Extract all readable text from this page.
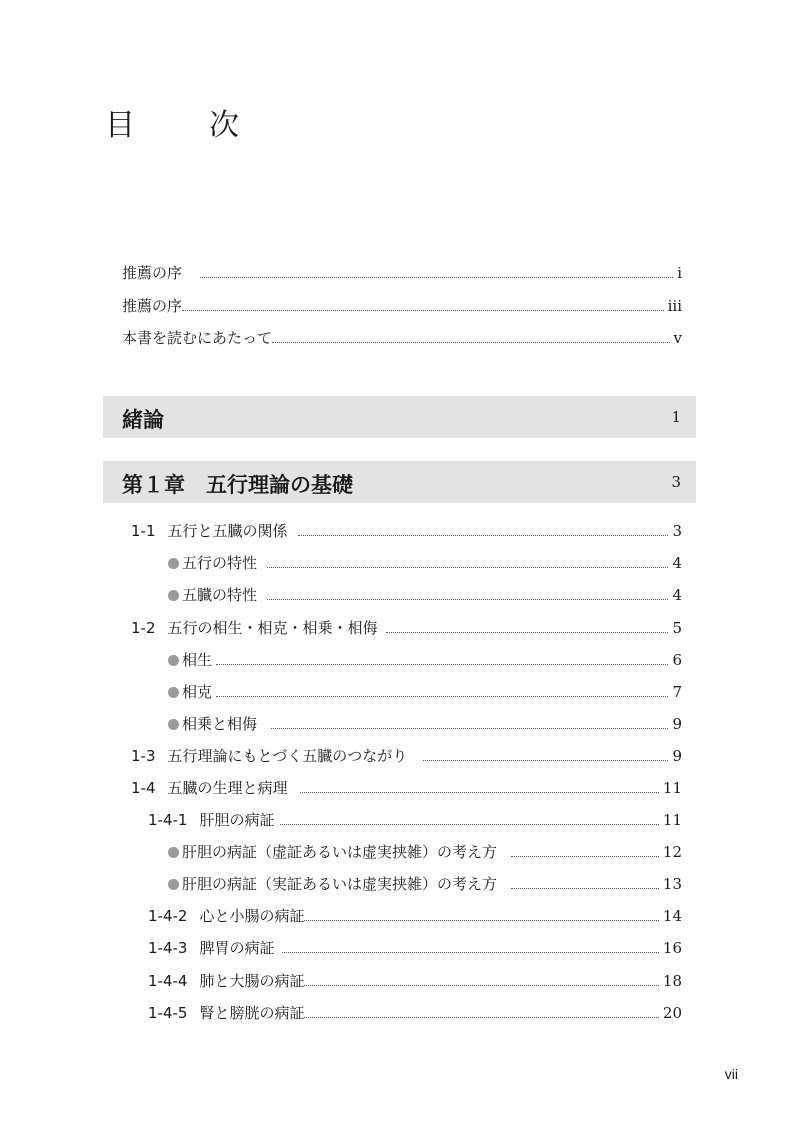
目　次
推薦の序	i
推薦の序	iii
本書を読むにあたって	v
緒論	1
第１章　五行理論の基礎	3
1-1 五行と五臓の関係	3
五行の特性	4
五臓の特性	4
1-2 五行の相生・相克・相乗・相侮	5
相生	6
相克	7
相乗と相侮	9
1-3 五行理論にもとづく五臓のつながり	9
1-4 五臓の生理と病理	11
1-4-1 肝胆の病証	11
肝胆の病証（虚証あるいは虚実挟雑）の考え方	12
肝胆の病証（実証あるいは虚実挟雑）の考え方	13
1-4-2 心と小腸の病証	14
1-4-3 脾胃の病証	16
1-4-4 肺と大腸の病証	18
1-4-5 腎と膀胱の病証	20
vii
